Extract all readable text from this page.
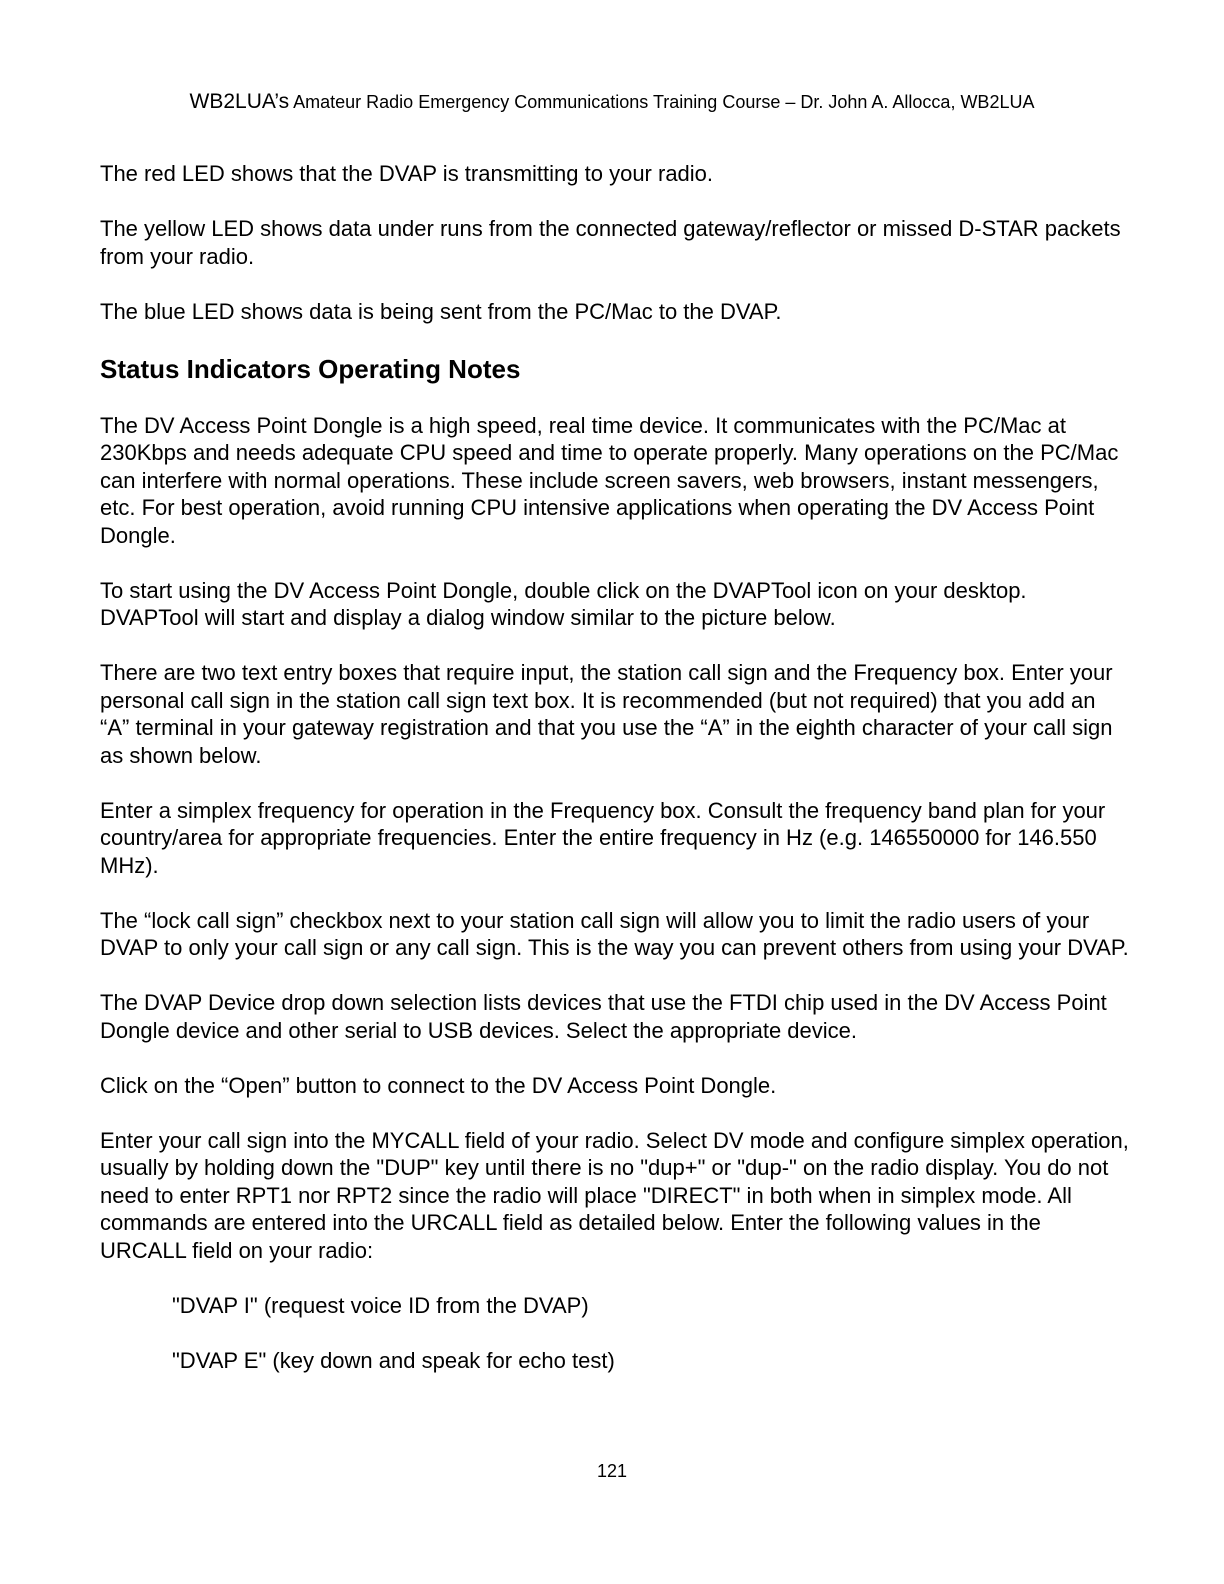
WB2LUA’s Amateur Radio Emergency Communications Training Course – Dr. John A. Allocca, WB2LUA

The red LED shows that the DVAP is transmitting to your radio.

The yellow LED shows data under runs from the connected gateway/reflector or missed D-STAR packets from your radio.

The blue LED shows data is being sent from the PC/Mac to the DVAP.

Status Indicators Operating Notes

The DV Access Point Dongle is a high speed, real time device. It communicates with the PC/Mac at 230Kbps and needs adequate CPU speed and time to operate properly. Many operations on the PC/Mac can interfere with normal operations. These include screen savers, web browsers, instant messengers, etc. For best operation, avoid running CPU intensive applications when operating the DV Access Point Dongle.

To start using the DV Access Point Dongle, double click on the DVAPTool icon on your desktop. DVAPTool will start and display a dialog window similar to the picture below.

There are two text entry boxes that require input, the station call sign and the Frequency box. Enter your personal call sign in the station call sign text box. It is recommended (but not required) that you add an “A” terminal in your gateway registration and that you use the “A” in the eighth character of your call sign as shown below.

Enter a simplex frequency for operation in the Frequency box. Consult the frequency band plan for your country/area for appropriate frequencies. Enter the entire frequency in Hz (e.g. 146550000 for 146.550 MHz).

The “lock call sign” checkbox next to your station call sign will allow you to limit the radio users of your DVAP to only your call sign or any call sign. This is the way you can prevent others from using your DVAP.

The DVAP Device drop down selection lists devices that use the FTDI chip used in the DV Access Point Dongle device and other serial to USB devices. Select the appropriate device.

Click on the “Open” button to connect to the DV Access Point Dongle.

Enter your call sign into the MYCALL field of your radio. Select DV mode and configure simplex operation, usually by holding down the "DUP" key until there is no "dup+" or "dup-" on the radio display. You do not need to enter RPT1 nor RPT2 since the radio will place "DIRECT" in both when in simplex mode. All commands are entered into the URCALL field as detailed below. Enter the following values in the URCALL field on your radio:

"DVAP I" (request voice ID from the DVAP)

"DVAP E" (key down and speak for echo test)

121
